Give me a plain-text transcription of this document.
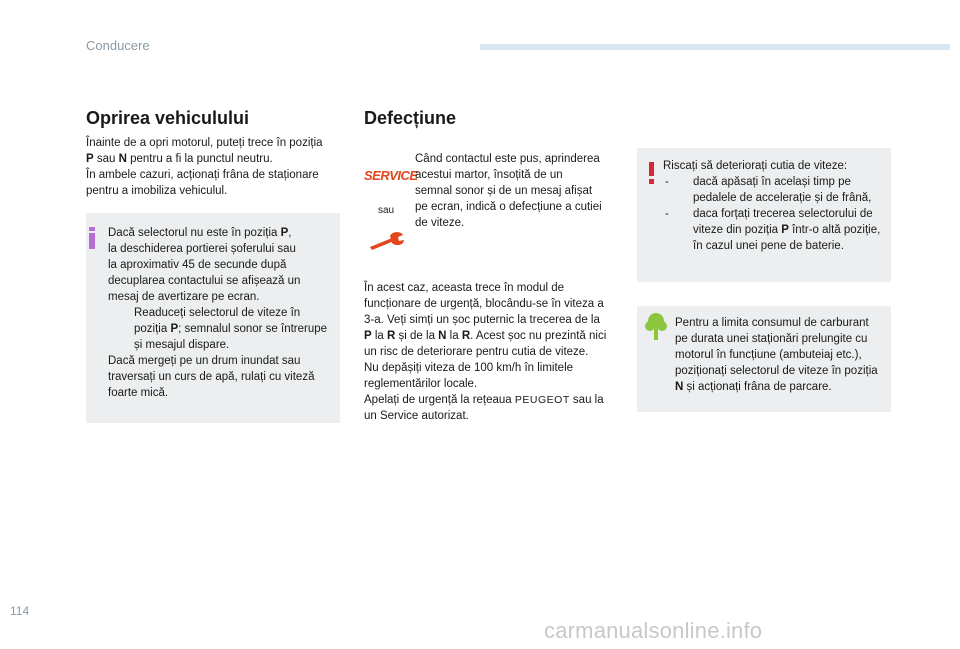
Conducere
Oprirea vehiculului
Înainte de a opri motorul, puteți trece în poziția
P sau N pentru a fi la punctul neutru.
În ambele cazuri, acționați frâna de staționare
pentru a imobiliza vehiculul.
Dacă selectorul nu este în poziția P,
la deschiderea portierei șoferului sau
la aproximativ 45 de secunde după
decuplarea contactului se afișează un
mesaj de avertizare pe ecran.
Readuceți selectorul de viteze în
poziția P; semnalul sonor se întrerupe
și mesajul dispare.
Dacă mergeți pe un drum inundat sau
traversați un curs de apă, rulați cu viteză
foarte mică.
Defecțiune
SERVICE
sau
Când contactul este pus, aprinderea
acestui martor, însoțită de un
semnal sonor și de un mesaj afișat
pe ecran, indică o defecțiune a cutiei
de viteze.
În acest caz, aceasta trece în modul de
funcționare de urgență, blocându-se în viteza a
3-a. Veți simți un șoc puternic la trecerea de la
P la R și de la N la R. Acest șoc nu prezintă nici
un risc de deteriorare pentru cutia de viteze.
Nu depășiți viteza de 100 km/h în limitele
reglementărilor locale.
Apelați de urgență la rețeaua PEUGEOT sau la
un Service autorizat.
Riscați să deteriorați cutia de viteze:
- dacă apăsați în același timp pe
pedalele de accelerație și de frână,
- daca forțați trecerea selectorului de
viteze din poziția P într-o altă poziție,
în cazul unei pene de baterie.
Pentru a limita consumul de carburant
pe durata unei staționări prelungite cu
motorul în funcțiune (ambuteiaj etc.),
poziționați selectorul de viteze în poziția
N și acționați frâna de parcare.
114
carmanualsonline.info
